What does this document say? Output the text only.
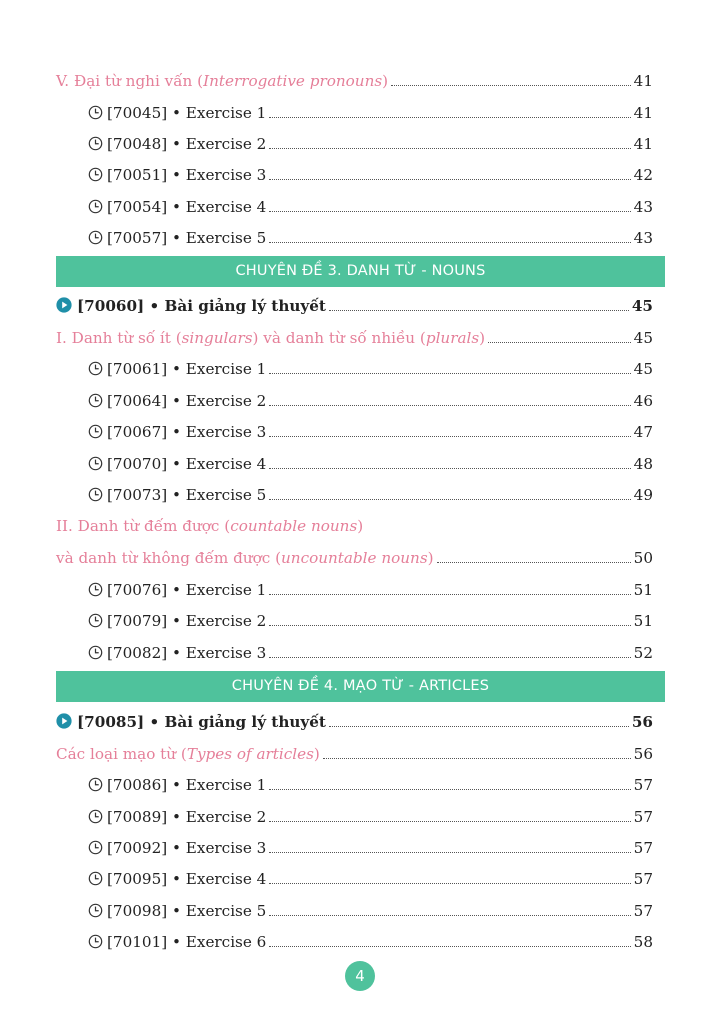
V. Đại từ nghi vấn (Interrogative pronouns)	41
[70045] • Exercise 1	41
[70048] • Exercise 2	41
[70051] • Exercise 3	42
[70054] • Exercise 4	43
[70057] • Exercise 5	43
CHUYÊN ĐỀ 3. DANH TỪ - NOUNS
[70060] • Bài giảng lý thuyết	45
I. Danh từ số ít (singulars) và danh từ số nhiều (plurals)	45
[70061] • Exercise 1	45
[70064] • Exercise 2	46
[70067] • Exercise 3	47
[70070] • Exercise 4	48
[70073] • Exercise 5	49
II. Danh từ đếm được (countable nouns)
và danh từ không đếm được (uncountable nouns)	50
[70076] • Exercise 1	51
[70079] • Exercise 2	51
[70082] • Exercise 3	52
CHUYÊN ĐỀ 4. MẠO TỪ - ARTICLES
[70085] • Bài giảng lý thuyết	56
Các loại mạo từ (Types of articles)	56
[70086] • Exercise 1	57
[70089] • Exercise 2	57
[70092] • Exercise 3	57
[70095] • Exercise 4	57
[70098] • Exercise 5	57
[70101] • Exercise 6	58
4
